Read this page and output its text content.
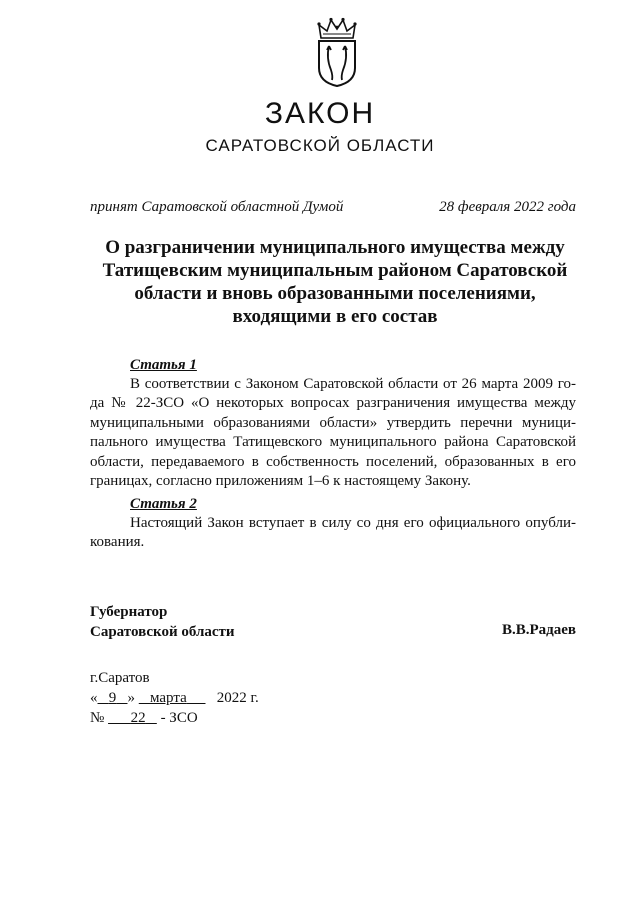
ЗАКОН
САРАТОВСКОЙ ОБЛАСТИ
принят Саратовской областной Думой	28 февраля 2022 года
О разграничении муниципального имущества между
Татищевским муниципальным районом Саратовской
области и вновь образованными поселениями,
входящими в его состав
Статья 1
В соответствии с Законом Саратовской области от 26 марта 2009 го-
да № 22-ЗСО «О некоторых вопросах разграничения имущества между
муниципальными образованиями области» утвердить перечни муници-
пального имущества Татищевского муниципального района Саратовской
области, передаваемого в собственность поселений, образованных в его
границах, согласно приложениям 1–6 к настоящему Закону.
Статья 2
Настоящий Закон вступает в силу со дня его официального опубли-
кования.
Губернатор
Саратовской области	В.В.Радаев
г.Саратов
« 9 » марта 2022 г.
№ 22 - ЗСО
